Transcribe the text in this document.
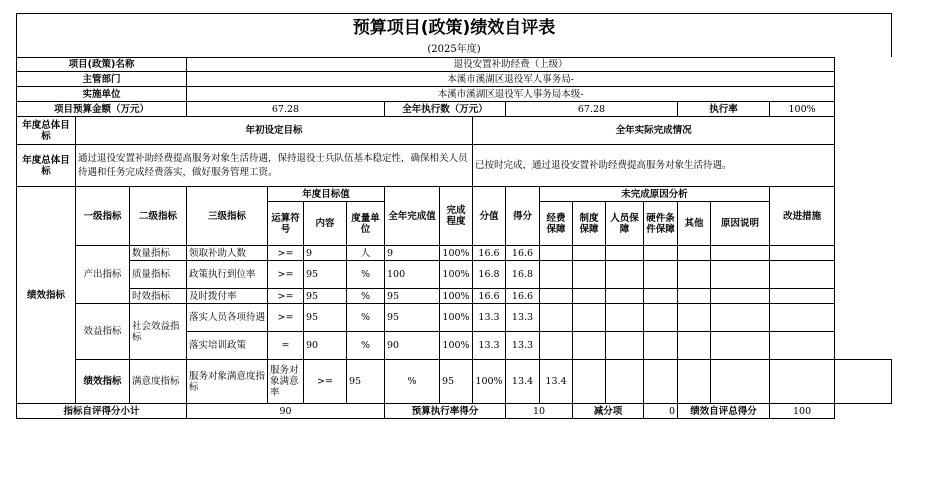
预算项目(政策)绩效自评表
(2025年度)
项目(政策)名称			退役安置补助经费（上级）															
主管部门			本溪市溪湖区退役军人事务局-															
实施单位			本溪市溪湖区退役军人事务局本级-															
项目预算金额（万元）			67.28				全年执行数（万元）			67.28					执行率		100%	
年度总体目标	年初设定目标								全年实际完成情况									
年度总体目标	通过退役安置补助经费提高服务对象生活待遇，保持退役士兵队伍基本稳定性，确保相关人员待遇和任务完成经费落实，做好服务管理工资。								已按时完成，通过退役安置补助经费提高服务对象生活待遇。									
绩效指标	一级指标	二级指标	三级指标	年度目标值			全年完成值	完成程度	分值	得分	未完成原因分析						改进措施	
				运算符号	内容	度量单位					经费保障	制度保障	人员保障	硬件条件保障	其他	原因说明		
	产出指标	数量指标	领取补助人数	>=	9	人	9	100%	16.6	16.6								
		质量指标	政策执行到位率	>=	95	%	100	100%	16.8	16.8								
		时效指标	及时拨付率	>=	95	%	95	100%	16.6	16.6								
	效益指标	社会效益指标	落实人员各项待遇	>=	95	%	95	100%	13.3	13.3								
			落实培训政策	=	90	%	90	100%	13.3	13.3								
	绩效指标	满意度指标	服务对象满意度指标	服务对象满意率	>=	95	%	95	100%	13.4	13.4							
指标自评得分小计			90				预算执行率得分			10		减分项		0	绩效自评总得分		100	
